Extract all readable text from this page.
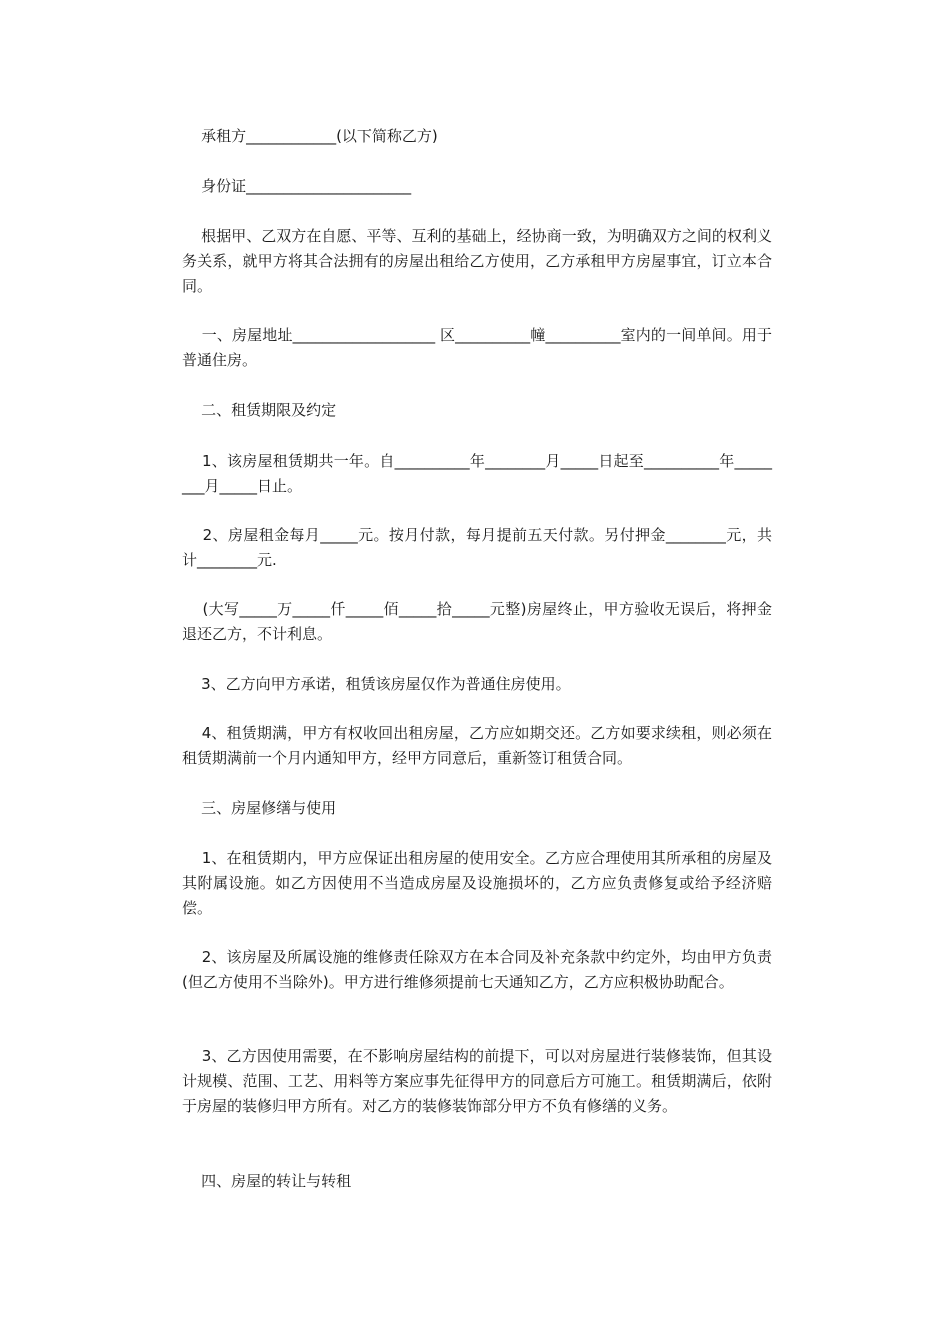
承租方____________(以下简称乙方)

身份证______________________

根据甲、乙双方在自愿、平等、互利的基础上，经协商一致，为明确双方之间的权利义务关系，就甲方将其合法拥有的房屋出租给乙方使用，乙方承租甲方房屋事宜，订立本合同。

一、房屋地址___________________ 区__________幢__________室内的一间单间。用于普通住房。

二、租赁期限及约定

1、该房屋租赁期共一年。自__________年________月_____日起至__________年________月_____日止。

2、房屋租金每月_____元。按月付款，每月提前五天付款。另付押金________元，共计________元.

(大写_____万_____仟_____佰_____拾_____元整)房屋终止，甲方验收无误后，将押金退还乙方，不计利息。

3、乙方向甲方承诺，租赁该房屋仅作为普通住房使用。

4、租赁期满，甲方有权收回出租房屋，乙方应如期交还。乙方如要求续租，则必须在租赁期满前一个月内通知甲方，经甲方同意后，重新签订租赁合同。

三、房屋修缮与使用

1、在租赁期内，甲方应保证出租房屋的使用安全。乙方应合理使用其所承租的房屋及其附属设施。如乙方因使用不当造成房屋及设施损坏的，乙方应负责修复或给予经济赔偿。

2、该房屋及所属设施的维修责任除双方在本合同及补充条款中约定外，均由甲方负责(但乙方使用不当除外)。甲方进行维修须提前七天通知乙方，乙方应积极协助配合。

3、乙方因使用需要，在不影响房屋结构的前提下，可以对房屋进行装修装饰，但其设计规模、范围、工艺、用料等方案应事先征得甲方的同意后方可施工。租赁期满后，依附于房屋的装修归甲方所有。对乙方的装修装饰部分甲方不负有修缮的义务。

四、房屋的转让与转租
